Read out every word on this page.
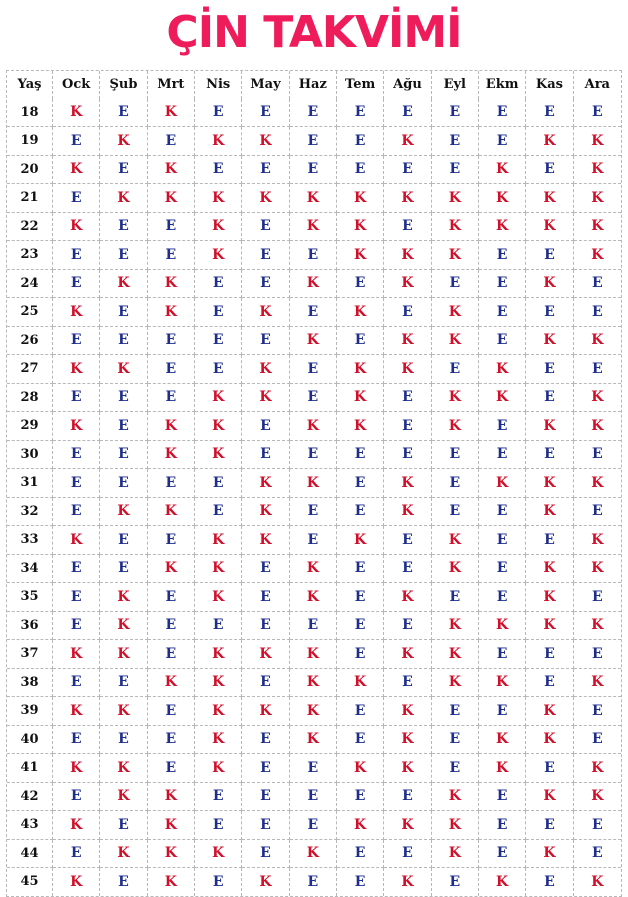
ÇİN TAKVİMİ
Yaş	Ock	Şub	Mrt	Nis	May	Haz	Tem	Ağu	Eyl	Ekm	Kas	Ara
18	K	E	K	E	E	E	E	E	E	E	E	E
19	E	K	E	K	K	E	E	K	E	E	K	K
20	K	E	K	E	E	E	E	E	E	K	E	K
21	E	K	K	K	K	K	K	K	K	K	K	K
22	K	E	E	K	E	K	K	E	K	K	K	K
23	E	E	E	K	E	E	K	K	K	E	E	K
24	E	K	K	E	E	K	E	K	E	E	K	E
25	K	E	K	E	K	E	K	E	K	E	E	E
26	E	E	E	E	E	K	E	K	K	E	K	K
27	K	K	E	E	K	E	K	K	E	K	E	E
28	E	E	E	K	K	E	K	E	K	K	E	K
29	K	E	K	K	E	K	K	E	K	E	K	K
30	E	E	K	K	E	E	E	E	E	E	E	E
31	E	E	E	E	K	K	E	K	E	K	K	K
32	E	K	K	E	K	E	E	K	E	E	K	E
33	K	E	E	K	K	E	K	E	K	E	E	K
34	E	E	K	K	E	K	E	E	K	E	K	K
35	E	K	E	K	E	K	E	K	E	E	K	E
36	E	K	E	E	E	E	E	E	K	K	K	K
37	K	K	E	K	K	K	E	K	K	E	E	E
38	E	E	K	K	E	K	K	E	K	K	E	K
39	K	K	E	K	K	K	E	K	E	E	K	E
40	E	E	E	K	E	K	E	K	E	K	K	E
41	K	K	E	K	E	E	K	K	E	K	E	K
42	E	K	K	E	E	E	E	E	K	E	K	K
43	K	E	K	E	E	E	K	K	K	E	E	E
44	E	K	K	K	E	K	E	E	K	E	K	E
45	K	E	K	E	K	E	E	K	E	K	E	K
